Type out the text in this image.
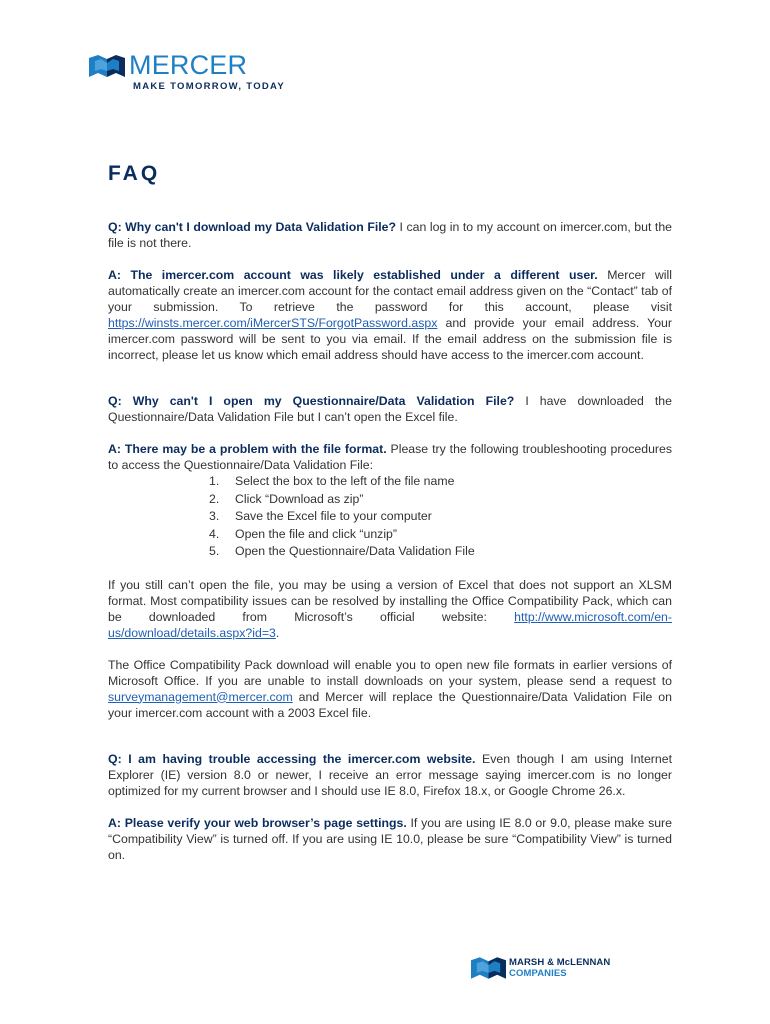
MERCER
MAKE TOMORROW, TODAY
FAQ

Q: Why can't I download my Data Validation File? I can log in to my account on imercer.com, but the file is not there.

A: The imercer.com account was likely established under a different user. Mercer will automatically create an imercer.com account for the contact email address given on the “Contact” tab of your submission. To retrieve the password for this account, please visit https://winsts.mercer.com/iMercerSTS/ForgotPassword.aspx and provide your email address. Your imercer.com password will be sent to you via email. If the email address on the submission file is incorrect, please let us know which email address should have access to the imercer.com account.

Q: Why can't I open my Questionnaire/Data Validation File? I have downloaded the Questionnaire/Data Validation File but I can’t open the Excel file.

A: There may be a problem with the file format. Please try the following troubleshooting procedures to access the Questionnaire/Data Validation File:

1. Select the box to the left of the file name
2. Click “Download as zip”
3. Save the Excel file to your computer
4. Open the file and click “unzip”
5. Open the Questionnaire/Data Validation File

If you still can’t open the file, you may be using a version of Excel that does not support an XLSM format. Most compatibility issues can be resolved by installing the Office Compatibility Pack, which can be downloaded from Microsoft’s official website: http://www.microsoft.com/en-us/download/details.aspx?id=3.

The Office Compatibility Pack download will enable you to open new file formats in earlier versions of Microsoft Office. If you are unable to install downloads on your system, please send a request to surveymanagement@mercer.com and Mercer will replace the Questionnaire/Data Validation File on your imercer.com account with a 2003 Excel file.

Q: I am having trouble accessing the imercer.com website. Even though I am using Internet Explorer (IE) version 8.0 or newer, I receive an error message saying imercer.com is no longer optimized for my current browser and I should use IE 8.0, Firefox 18.x, or Google Chrome 26.x.

A: Please verify your web browser’s page settings. If you are using IE 8.0 or 9.0, please make sure “Compatibility View” is turned off. If you are using IE 10.0, please be sure “Compatibility View” is turned on.

MARSH & McLENNAN
COMPANIES
